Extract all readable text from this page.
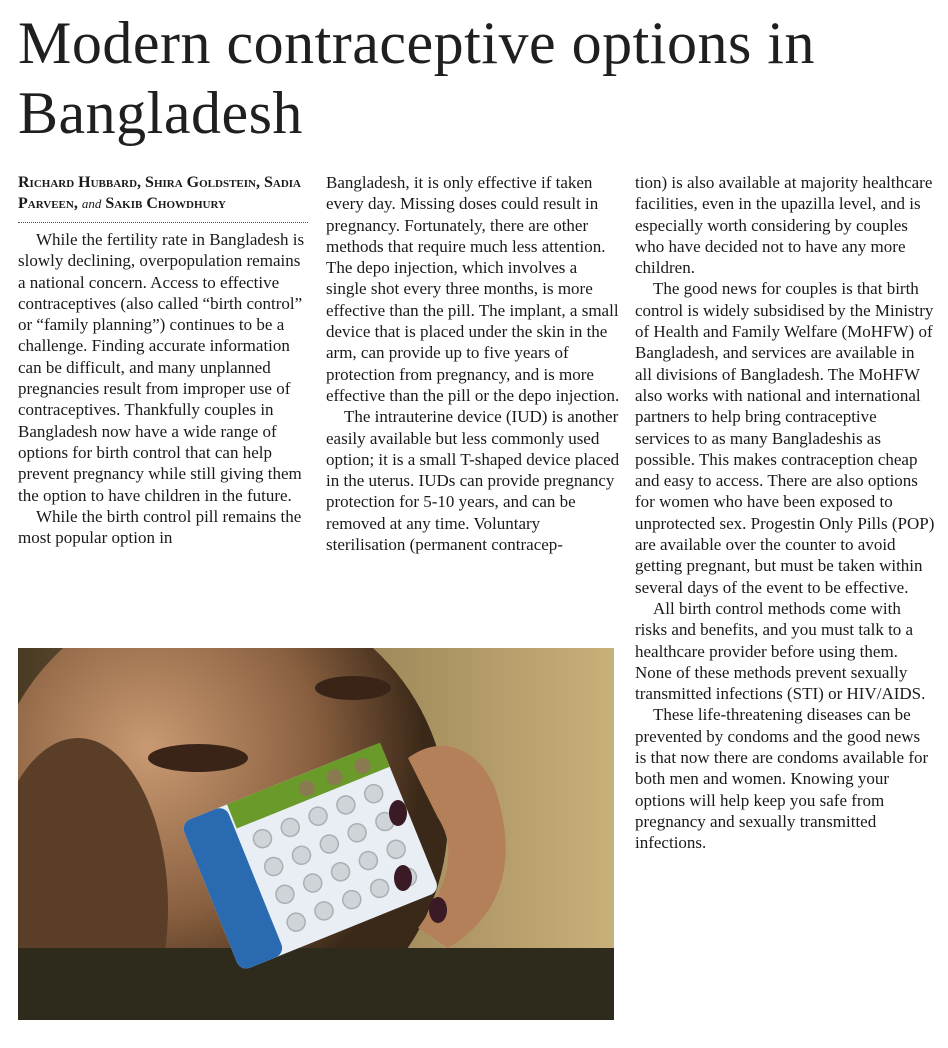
Modern contraceptive options in Bangladesh

Richard Hubbard, Shira Goldstein, Sadia Parveen, and Sakib Chowdhury

While the fertility rate in Bangladesh is slowly declining, overpopulation remains a national concern. Access to effective contraceptives (also called “birth control” or “family planning”) continues to be a challenge. Finding accurate information can be difficult, and many unplanned pregnancies result from improper use of contraceptives. Thankfully couples in Bangladesh now have a wide range of options for birth control that can help prevent pregnancy while still giving them the option to have children in the future.

While the birth control pill remains the most popular option in

Bangladesh, it is only effective if taken every day. Missing doses could result in pregnancy. Fortunately, there are other methods that require much less attention. The depo injection, which involves a single shot every three months, is more effective than the pill. The implant, a small device that is placed under the skin in the arm, can provide up to five years of protection from pregnancy, and is more effective than the pill or the depo injection.

The intrauterine device (IUD) is another easily available but less commonly used option; it is a small T-shaped device placed in the uterus. IUDs can provide pregnancy protection for 5-10 years, and can be removed at any time. Voluntary sterilisation (permanent contracep-

tion) is also available at majority healthcare facilities, even in the upazilla level, and is especially worth considering by couples who have decided not to have any more children.

The good news for couples is that birth control is widely subsidised by the Ministry of Health and Family Welfare (MoHFW) of Bangladesh, and services are available in all divisions of Bangladesh. The MoHFW also works with national and international partners to help bring contraceptive services to as many Bangladeshis as possible. This makes contraception cheap and easy to access. There are also options for women who have been exposed to unprotected sex. Progestin Only Pills (POP) are available over the counter to avoid getting pregnant, but must be taken within several days of the event to be effective.

All birth control methods come with risks and benefits, and you must talk to a healthcare provider before using them. None of these methods prevent sexually transmitted infections (STI) or HIV/AIDS.

These life-threatening diseases can be prevented by condoms and the good news is that now there are condoms available for both men and women. Knowing your options will help keep you safe from pregnancy and sexually transmitted infections.
